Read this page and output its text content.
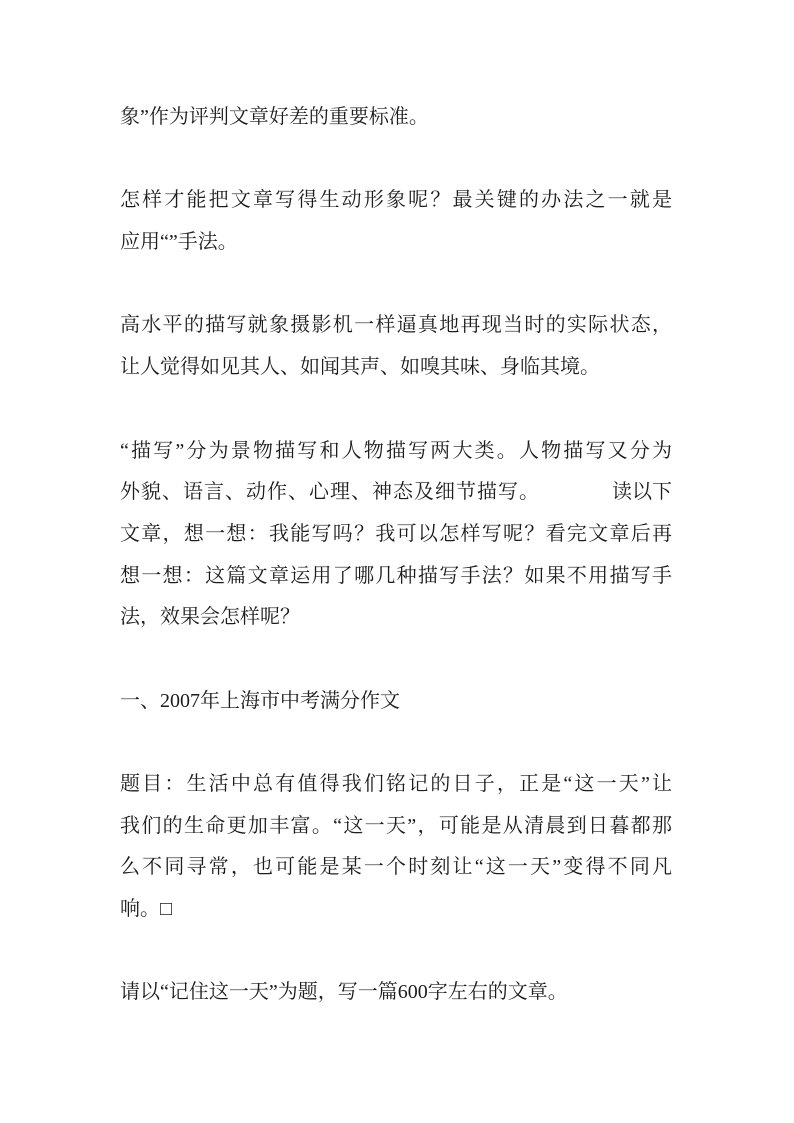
象”作为评判文章好差的重要标准。
怎样才能把文章写得生动形象呢？最关键的办法之一就是
应用“”手法。
高水平的描写就象摄影机一样逼真地再现当时的实际状态，
让人觉得如见其人、如闻其声、如嗅其味、身临其境。
“描写”分为景物描写和人物描写两大类。人物描写又分为
外貌、语言、动作、心理、神态及细节描写。	读以下
文章，想一想：我能写吗？我可以怎样写呢？看完文章后再
想一想：这篇文章运用了哪几种描写手法？如果不用描写手
法，效果会怎样呢？
一、2007年上海市中考满分作文
题目：生活中总有值得我们铭记的日子，正是“这一天”让
我们的生命更加丰富。“这一天”，可能是从清晨到日暮都那
么不同寻常，也可能是某一个时刻让“这一天”变得不同凡
响。□
请以“记住这一天”为题，写一篇600字左右的文章。
